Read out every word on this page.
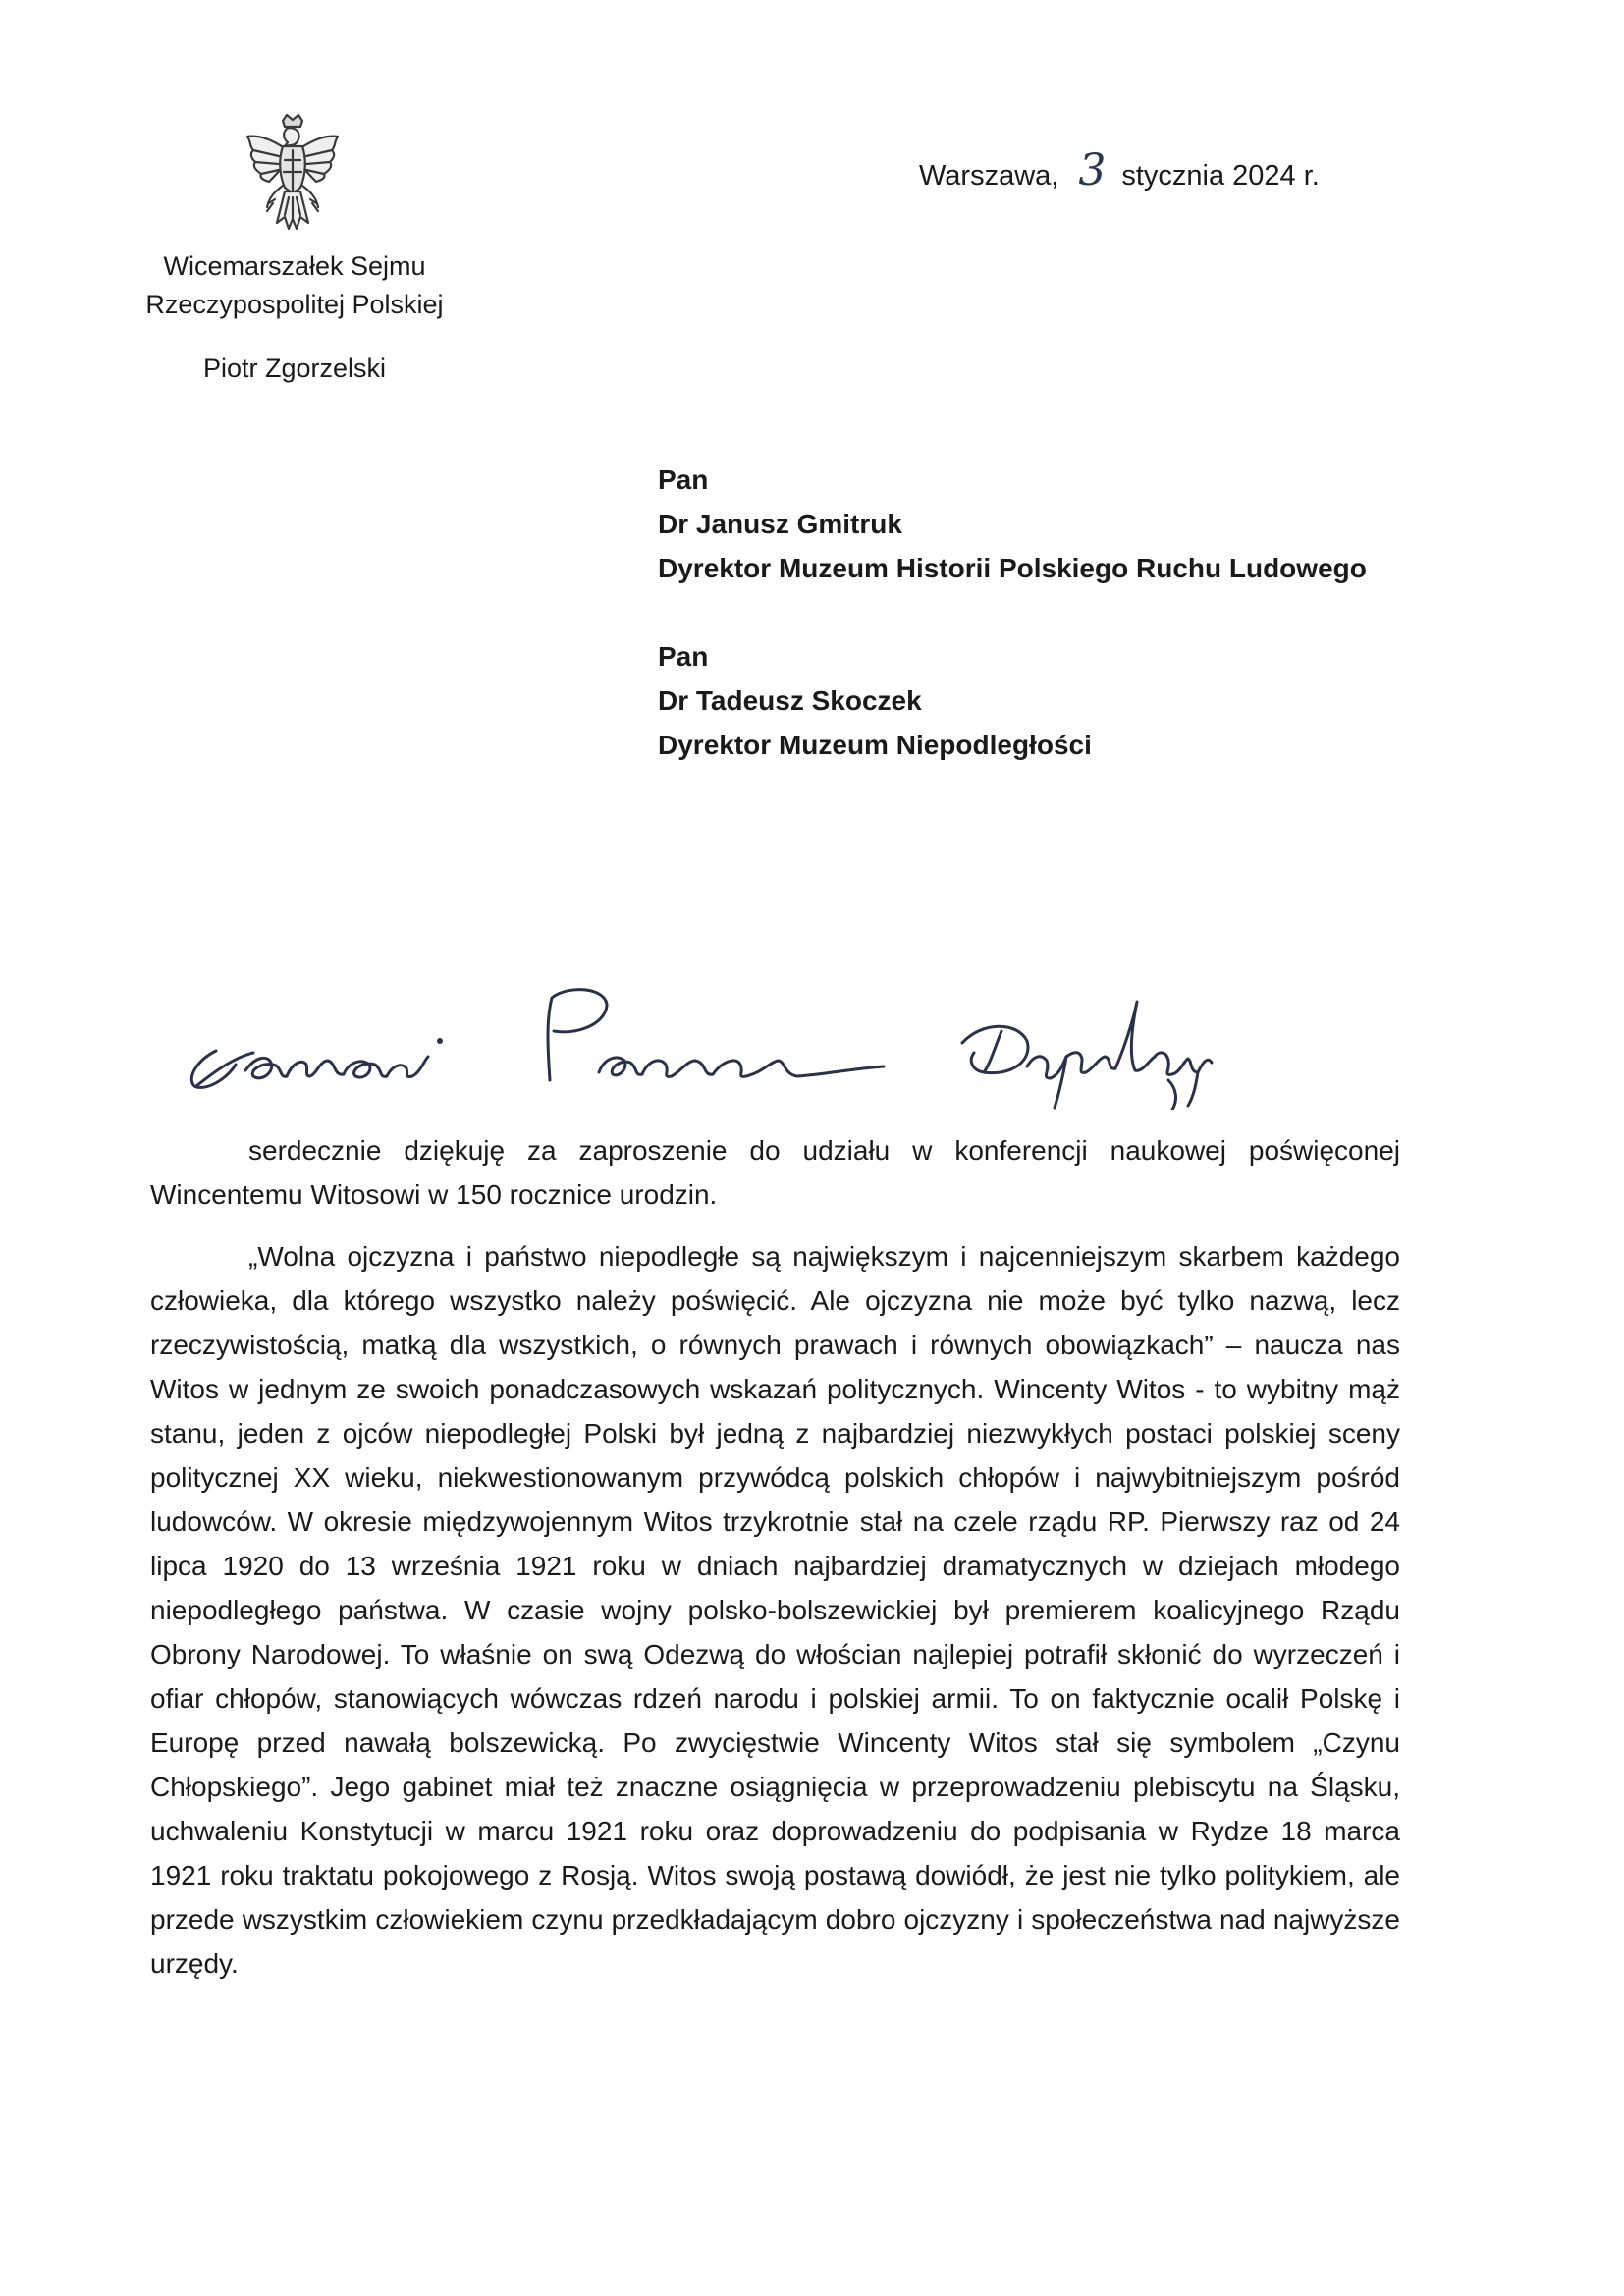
Wicemarszałek Sejmu
Rzeczypospolitej Polskiej
Piotr Zgorzelski
Warszawa, 3 stycznia 2024 r.
Pan
Dr Janusz Gmitruk
Dyrektor Muzeum Historii Polskiego Ruchu Ludowego
Pan
Dr Tadeusz Skoczek
Dyrektor Muzeum Niepodległości

serdecznie dziękuję za zaproszenie do udziału w konferencji naukowej poświęconej Wincentemu Witosowi w 150 rocznice urodzin.

„Wolna ojczyzna i państwo niepodległe są największym i najcenniejszym skarbem każdego człowieka, dla którego wszystko należy poświęcić. Ale ojczyzna nie może być tylko nazwą, lecz rzeczywistością, matką dla wszystkich, o równych prawach i równych obowiązkach” – naucza nas Witos w jednym ze swoich ponadczasowych wskazań politycznych. Wincenty Witos - to wybitny mąż stanu, jeden z ojców niepodległej Polski był jedną z najbardziej niezwykłych postaci polskiej sceny politycznej XX wieku, niekwestionowanym przywódcą polskich chłopów i najwybitniejszym pośród ludowców. W okresie międzywojennym Witos trzykrotnie stał na czele rządu RP. Pierwszy raz od 24 lipca 1920 do 13 września 1921 roku w dniach najbardziej dramatycznych w dziejach młodego niepodległego państwa. W czasie wojny polsko-bolszewickiej był premierem koalicyjnego Rządu Obrony Narodowej. To właśnie on swą Odezwą do włościan najlepiej potrafił skłonić do wyrzeczeń i ofiar chłopów, stanowiących wówczas rdzeń narodu i polskiej armii. To on faktycznie ocalił Polskę i Europę przed nawałą bolszewicką. Po zwycięstwie Wincenty Witos stał się symbolem „Czynu Chłopskiego”. Jego gabinet miał też znaczne osiągnięcia w przeprowadzeniu plebiscytu na Śląsku, uchwaleniu Konstytucji w marcu 1921 roku oraz doprowadzeniu do podpisania w Rydze 18 marca 1921 roku traktatu pokojowego z Rosją. Witos swoją postawą dowiódł, że jest nie tylko politykiem, ale przede wszystkim człowiekiem czynu przedkładającym dobro ojczyzny i społeczeństwa nad najwyższe urzędy.
